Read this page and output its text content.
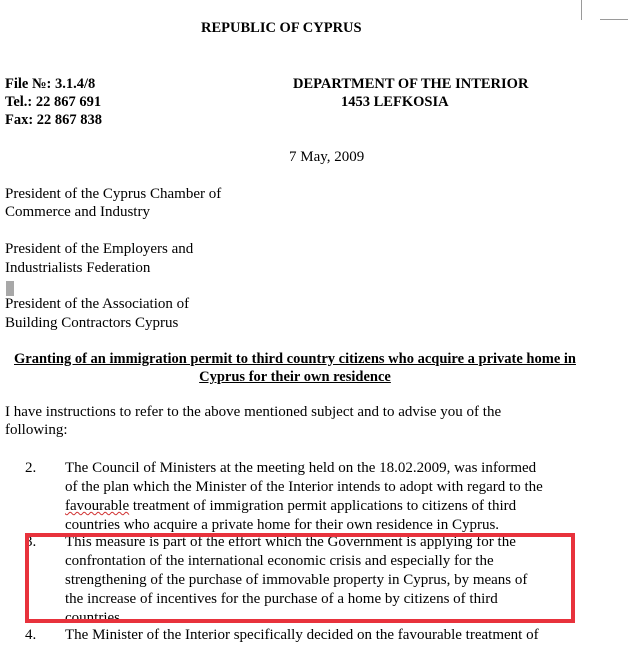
REPUBLIC OF CYPRUS
File №: 3.1.4/8
Tel.: 22 867 691
Fax: 22 867 838
DEPARTMENT OF THE INTERIOR
1453 LEFKOSIA
7 May, 2009
President of the Cyprus Chamber of
Commerce and Industry
President of the Employers and
Industrialists Federation
President of the Association of
Building Contractors Cyprus
Granting of an immigration permit to third country citizens who acquire a private home in
Cyprus for their own residence
I have instructions to refer to the above mentioned subject and to advise you of the
following:
2.	The Council of Ministers at the meeting held on the 18.02.2009, was informed
of the plan which the Minister of the Interior intends to adopt with regard to the
favourable treatment of immigration permit applications to citizens of third
countries who acquire a private home for their own residence in Cyprus.
3.	This measure is part of the effort which the Government is applying for the
confrontation of the international economic crisis and especially for the
strengthening of the purchase of immovable property in Cyprus, by means of
the increase of incentives for the purchase of a home by citizens of third
countries.
4.	The Minister of the Interior specifically decided on the favourable treatment of
